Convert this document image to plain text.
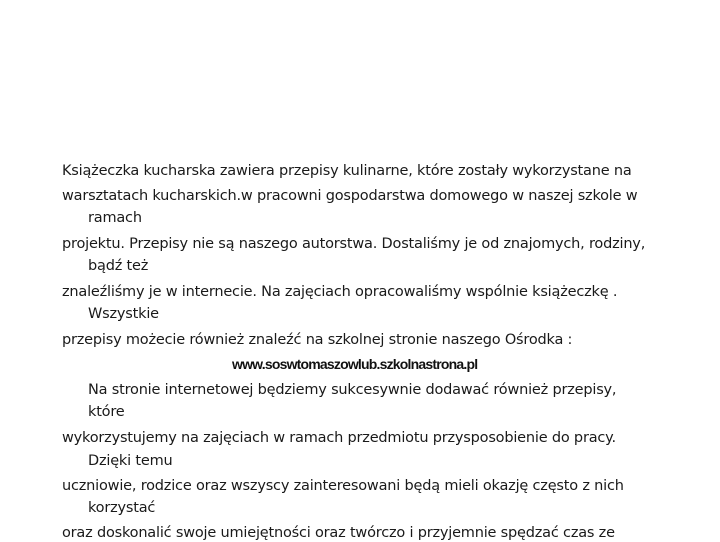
Książeczka kucharska zawiera przepisy kulinarne, które zostały wykorzystane na
warsztatach kucharskich.w pracowni gospodarstwa domowego w naszej szkole w
ramach
projektu. Przepisy nie są naszego autorstwa. Dostaliśmy je od znajomych, rodziny,
bądź też
znaleźliśmy je w internecie. Na zajęciach opracowaliśmy wspólnie książeczkę .
Wszystkie
przepisy możecie również znaleźć na szkolnej stronie naszego Ośrodka :
www.soswtomaszowlub.szkolnastrona.pl
Na stronie internetowej będziemy sukcesywnie dodawać również przepisy,
które
wykorzystujemy na zajęciach w ramach przedmiotu przysposobienie do pracy.
Dzięki temu
uczniowie, rodzice oraz wszyscy zainteresowani będą mieli okazję często z nich
korzystać
oraz doskonalić swoje umiejętności oraz twórczo i przyjemnie spędzać czas ze
